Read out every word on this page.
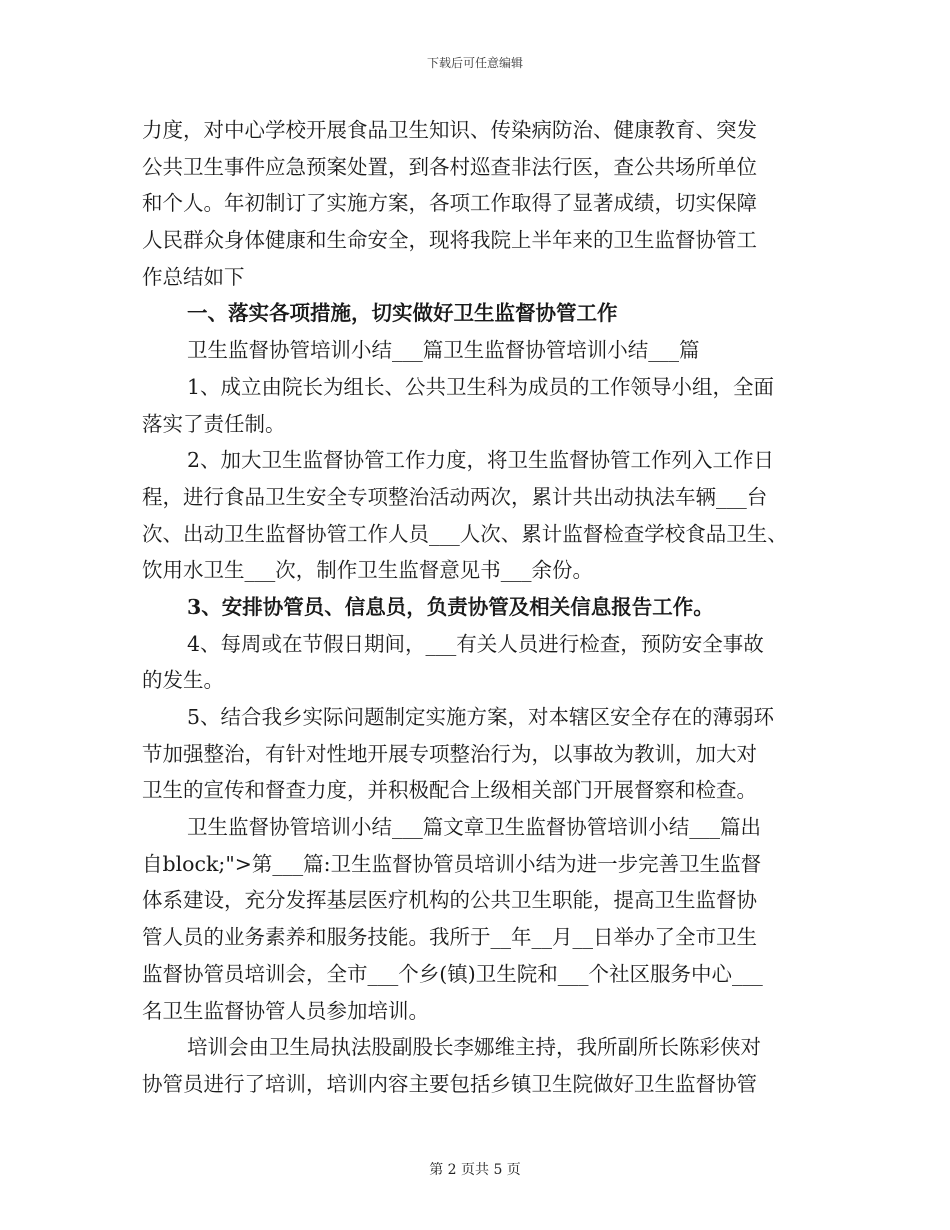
下载后可任意编辑
力度，对中心学校开展食品卫生知识、传染病防治、健康教育、突发
公共卫生事件应急预案处置，到各村巡查非法行医，查公共场所单位
和个人。年初制订了实施方案，各项工作取得了显著成绩，切实保障
人民群众身体健康和生命安全，现将我院上半年来的卫生监督协管工
作总结如下
一、落实各项措施，切实做好卫生监督协管工作
卫生监督协管培训小结___篇卫生监督协管培训小结___篇
1、成立由院长为组长、公共卫生科为成员的工作领导小组，全面
落实了责任制。
2、加大卫生监督协管工作力度，将卫生监督协管工作列入工作日
程，进行食品卫生安全专项整治活动两次，累计共出动执法车辆___台
次、出动卫生监督协管工作人员___人次、累计监督检查学校食品卫生、
饮用水卫生___次，制作卫生监督意见书___余份。
3、安排协管员、信息员，负责协管及相关信息报告工作。
4、每周或在节假日期间，___有关人员进行检查，预防安全事故
的发生。
5、结合我乡实际问题制定实施方案，对本辖区安全存在的薄弱环
节加强整治，有针对性地开展专项整治行为，以事故为教训，加大对
卫生的宣传和督查力度，并积极配合上级相关部门开展督察和检查。
卫生监督协管培训小结___篇文章卫生监督协管培训小结___篇出
自block;">第___篇:卫生监督协管员培训小结为进一步完善卫生监督
体系建设，充分发挥基层医疗机构的公共卫生职能，提高卫生监督协
管人员的业务素养和服务技能。我所于__年__月__日举办了全市卫生
监督协管员培训会，全市___个乡(镇)卫生院和___个社区服务中心___
名卫生监督协管人员参加培训。
培训会由卫生局执法股副股长李娜维主持，我所副所长陈彩侠对
协管员进行了培训，培训内容主要包括乡镇卫生院做好卫生监督协管
第 2 页共 5 页
